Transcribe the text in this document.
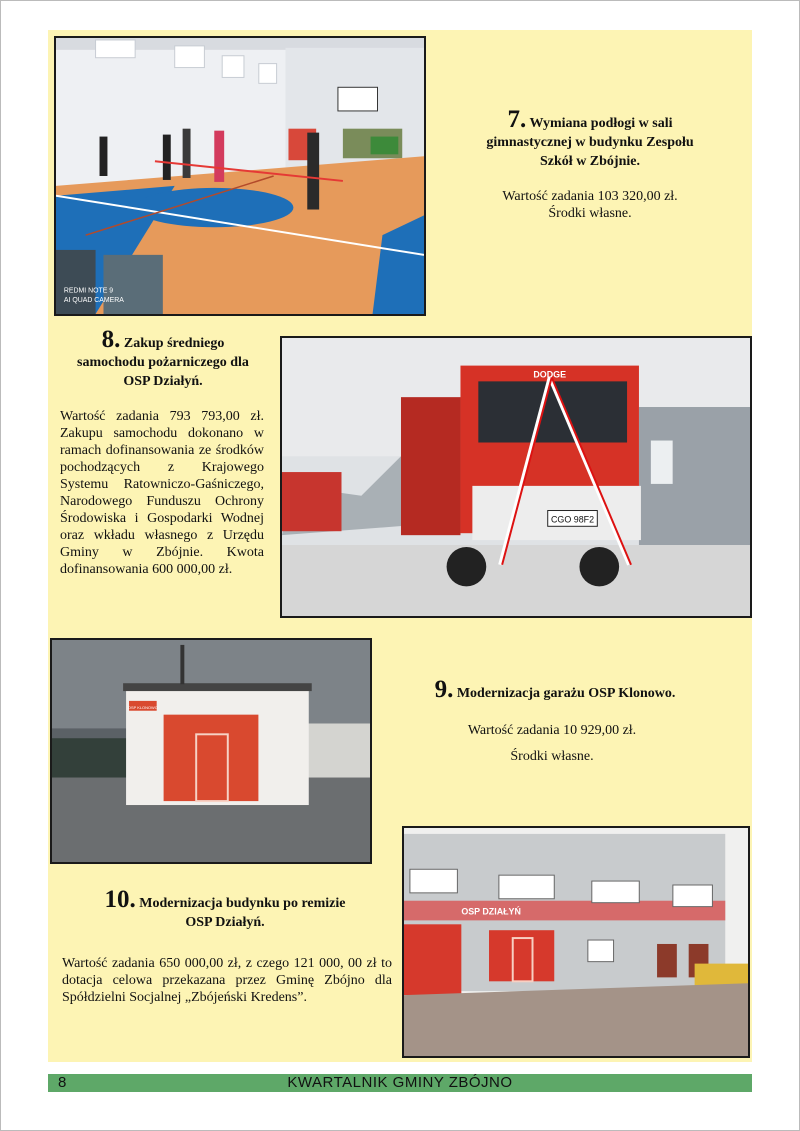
REDMI NOTE 9
AI QUAD CAMERA
7. Wymiana podłogi w sali
gimnastycznej w budynku Zespołu
Szkół w Zbójnie.
Wartość zadania 103 320,00 zł.
Środki własne.
8. Zakup średniego
samochodu pożarniczego dla
OSP Działyń.
Wartość zadania 793 793,00 zł. Zakupu samochodu dokonano w ramach dofinansowania ze środków pochodzących z Krajowego Systemu Ratowniczo-Gaśniczego, Narodowego Funduszu Ochrony Środowiska i Gospodarki Wodnej oraz wkładu własnego z Urzędu Gminy w Zbójnie. Kwota dofinansowania 600 000,00 zł.
CGO 98F2
DODGE
OSP KLONOWO
9. Modernizacja garażu OSP Klonowo.
Wartość zadania 10 929,00 zł.
Środki własne.
OSP DZIAŁYŃ
10. Modernizacja budynku po remizie
OSP Działyń.
Wartość zadania 650 000,00 zł, z czego 121 000, 00 zł to dotacja celowa przekazana przez Gminę Zbójno dla Spółdzielni Socjalnej „Zbójeński Kredens”.
8	KWARTALNIK GMINY ZBÓJNO
